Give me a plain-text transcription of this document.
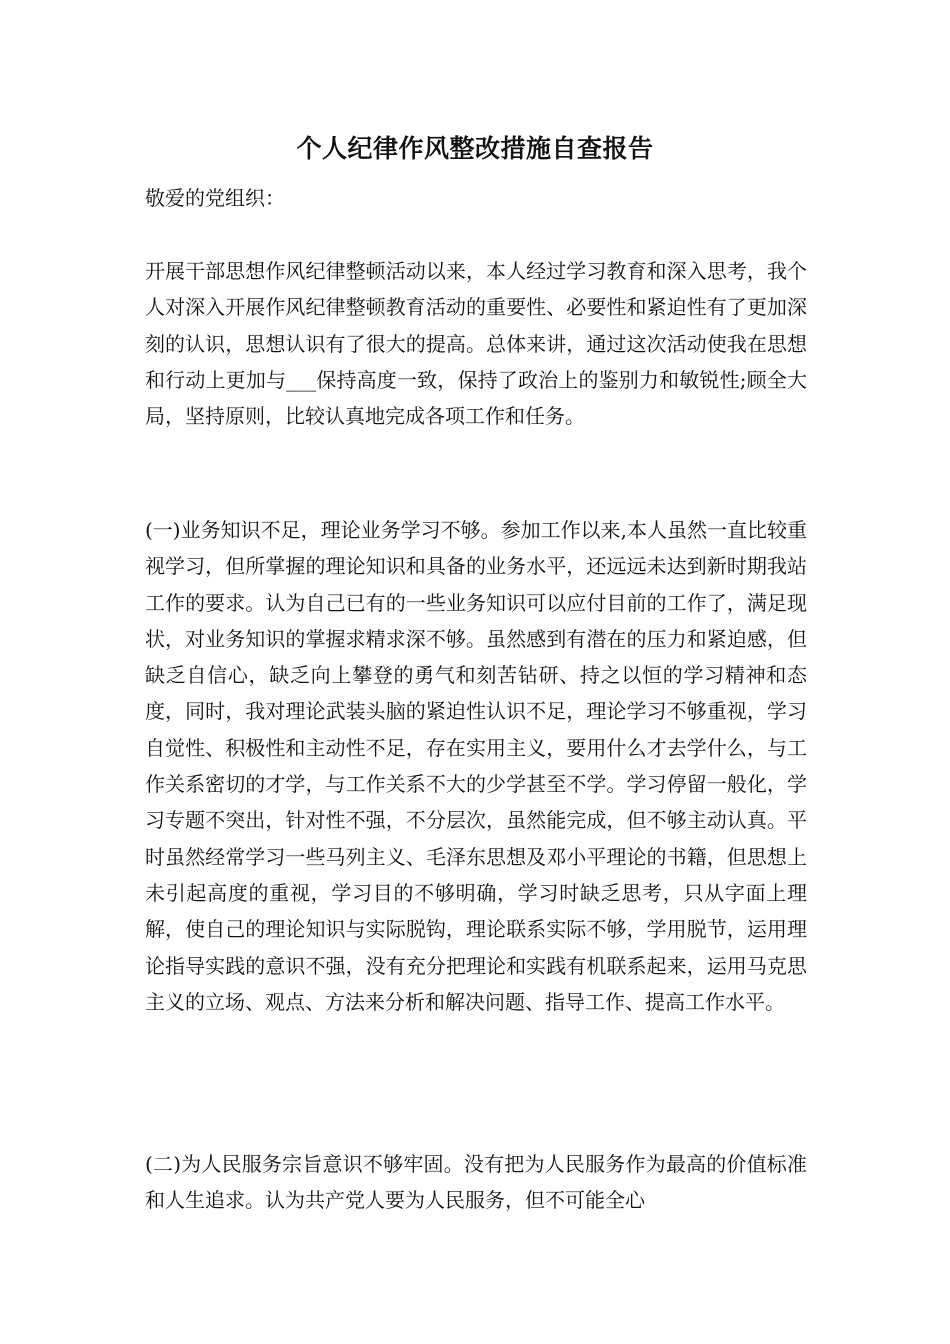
个人纪律作风整改措施自查报告

敬爱的党组织：

开展干部思想作风纪律整顿活动以来，本人经过学习教育和深入思考，我个人对深入开展作风纪律整顿教育活动的重要性、必要性和紧迫性有了更加深刻的认识，思想认识有了很大的提高。总体来讲，通过这次活动使我在思想和行动上更加与___保持高度一致，保持了政治上的鉴别力和敏锐性;顾全大局，坚持原则，比较认真地完成各项工作和任务。

(一)业务知识不足，理论业务学习不够。参加工作以来,本人虽然一直比较重视学习，但所掌握的理论知识和具备的业务水平，还远远未达到新时期我站工作的要求。认为自己已有的一些业务知识可以应付目前的工作了，满足现状，对业务知识的掌握求精求深不够。虽然感到有潜在的压力和紧迫感，但缺乏自信心，缺乏向上攀登的勇气和刻苦钻研、持之以恒的学习精神和态度，同时，我对理论武装头脑的紧迫性认识不足，理论学习不够重视，学习自觉性、积极性和主动性不足，存在实用主义，要用什么才去学什么，与工作关系密切的才学，与工作关系不大的少学甚至不学。学习停留一般化，学习专题不突出，针对性不强，不分层次，虽然能完成，但不够主动认真。平时虽然经常学习一些马列主义、毛泽东思想及邓小平理论的书籍，但思想上未引起高度的重视，学习目的不够明确，学习时缺乏思考，只从字面上理解，使自己的理论知识与实际脱钩，理论联系实际不够，学用脱节，运用理论指导实践的意识不强，没有充分把理论和实践有机联系起来，运用马克思主义的立场、观点、方法来分析和解决问题、指导工作、提高工作水平。

(二)为人民服务宗旨意识不够牢固。没有把为人民服务作为最高的价值标准和人生追求。认为共产党人要为人民服务，但不可能全心
